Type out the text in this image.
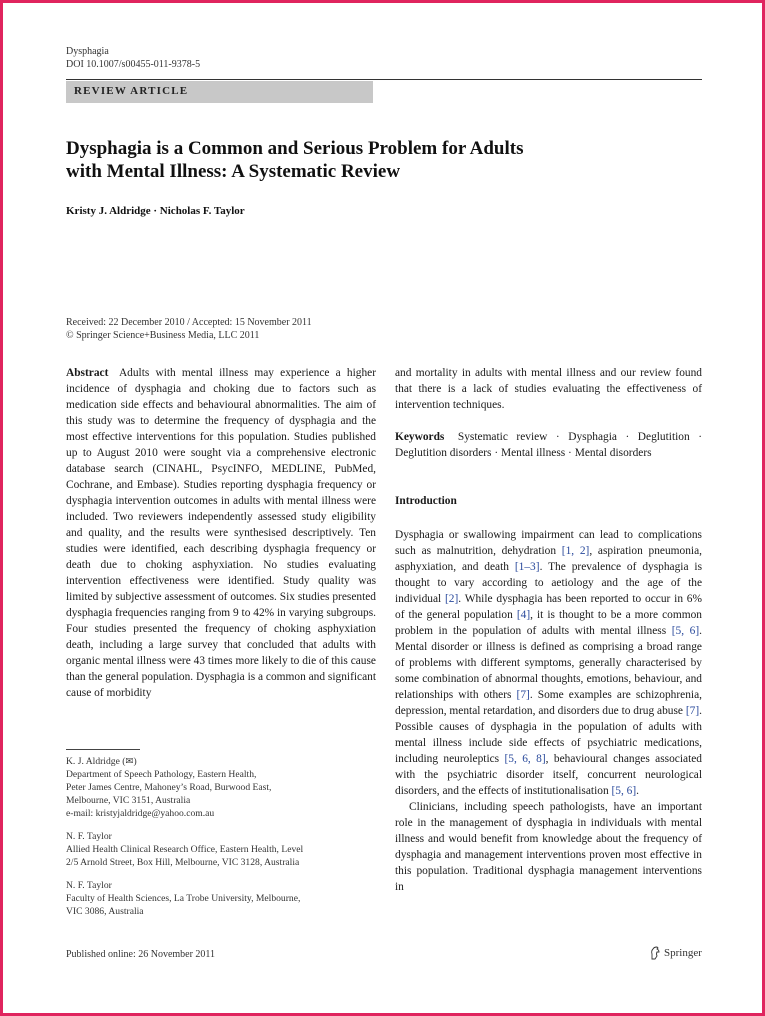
Dysphagia
DOI 10.1007/s00455-011-9378-5
REVIEW ARTICLE
Dysphagia is a Common and Serious Problem for Adults
with Mental Illness: A Systematic Review
Kristy J. Aldridge · Nicholas F. Taylor
Received: 22 December 2010 / Accepted: 15 November 2011
© Springer Science+Business Media, LLC 2011

Abstract Adults with mental illness may experience a higher incidence of dysphagia and choking due to factors such as medication side effects and behavioural abnormalities. The aim of this study was to determine the frequency of dysphagia and the most effective interventions for this population. Studies published up to August 2010 were sought via a comprehensive electronic database search (CINAHL, PsycINFO, MEDLINE, PubMed, Cochrane, and Embase). Studies reporting dysphagia frequency or dysphagia intervention outcomes in adults with mental illness were included. Two reviewers independently assessed study eligibility and quality, and the results were synthesised descriptively. Ten studies were identified, each describing dysphagia frequency or death due to choking asphyxiation. No studies evaluating intervention effectiveness were identified. Study quality was limited by subjective assessment of outcomes. Six studies presented dysphagia frequencies ranging from 9 to 42% in varying subgroups. Four studies presented the frequency of choking asphyxiation death, including a large survey that concluded that adults with organic mental illness were 43 times more likely to die of this cause than the general population. Dysphagia is a common and significant cause of morbidity

and mortality in adults with mental illness and our review found that there is a lack of studies evaluating the effectiveness of intervention techniques.

Keywords Systematic review · Dysphagia · Deglutition · Deglutition disorders · Mental illness · Mental disorders

Introduction

Dysphagia or swallowing impairment can lead to complications such as malnutrition, dehydration [1, 2], aspiration pneumonia, asphyxiation, and death [1–3]. The prevalence of dysphagia is thought to vary according to aetiology and the age of the individual [2]. While dysphagia has been reported to occur in 6% of the general population [4], it is thought to be a more common problem in the population of adults with mental illness [5, 6]. Mental disorder or illness is defined as comprising a broad range of problems with different symptoms, generally characterised by some combination of abnormal thoughts, emotions, behaviour, and relationships with others [7]. Some examples are schizophrenia, depression, mental retardation, and disorders due to drug abuse [7]. Possible causes of dysphagia in the population of adults with mental illness include side effects of psychiatric medications, including neuroleptics [5, 6, 8], behavioural changes associated with the psychiatric disorder itself, concurrent neurological disorders, and the effects of institutionalisation [5, 6].

Clinicians, including speech pathologists, have an important role in the management of dysphagia in individuals with mental illness and would benefit from knowledge about the frequency of dysphagia and management interventions proven most effective in this population. Traditional dysphagia management interventions in

K. J. Aldridge (✉)
Department of Speech Pathology, Eastern Health,
Peter James Centre, Mahoney’s Road, Burwood East,
Melbourne, VIC 3151, Australia
e-mail: kristyjaldridge@yahoo.com.au
N. F. Taylor
Allied Health Clinical Research Office, Eastern Health, Level
2/5 Arnold Street, Box Hill, Melbourne, VIC 3128, Australia
N. F. Taylor
Faculty of Health Sciences, La Trobe University, Melbourne,
VIC 3086, Australia
Published online: 26 November 2011	Springer
